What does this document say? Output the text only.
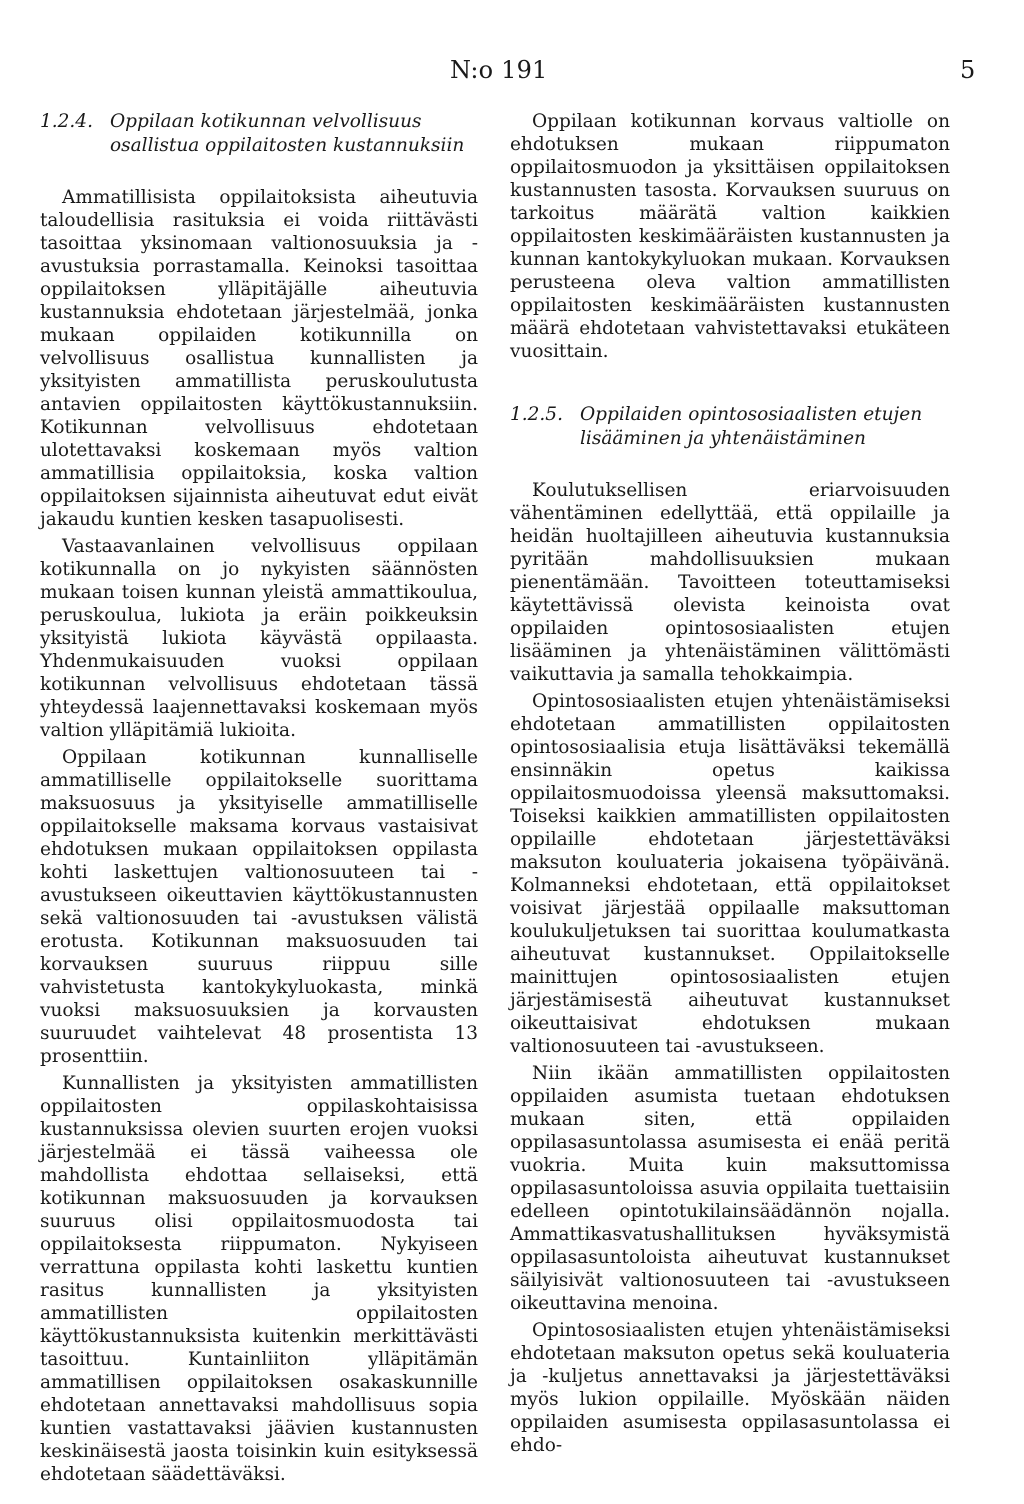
N:o 191	5
1.2.4. Oppilaan kotikunnan velvollisuus osallistua oppilaitosten kustannuksiin

Ammatillisista oppilaitoksista aiheutuvia taloudellisia rasituksia ei voida riittävästi tasoittaa yksinomaan valtionosuuksia ja -avustuksia porrastamalla. Keinoksi tasoittaa oppilaitoksen ylläpitäjälle aiheutuvia kustannuksia ehdotetaan järjestelmää, jonka mukaan oppilaiden kotikunnilla on velvollisuus osallistua kunnallisten ja yksityisten ammatillista peruskoulutusta antavien oppilaitosten käyttökustannuksiin. Kotikunnan velvollisuus ehdotetaan ulotettavaksi koskemaan myös valtion ammatillisia oppilaitoksia, koska valtion oppilaitoksen sijainnista aiheutuvat edut eivät jakaudu kuntien kesken tasapuolisesti.

Vastaavanlainen velvollisuus oppilaan kotikunnalla on jo nykyisten säännösten mukaan toisen kunnan yleistä ammattikoulua, peruskoulua, lukiota ja eräin poikkeuksin yksityistä lukiota käyvästä oppilaasta. Yhdenmukaisuuden vuoksi oppilaan kotikunnan velvollisuus ehdotetaan tässä yhteydessä laajennettavaksi koskemaan myös valtion ylläpitämiä lukioita.

Oppilaan kotikunnan kunnalliselle ammatilliselle oppilaitokselle suorittama maksuosuus ja yksityiselle ammatilliselle oppilaitokselle maksama korvaus vastaisivat ehdotuksen mukaan oppilaitoksen oppilasta kohti laskettujen valtionosuuteen tai -avustukseen oikeuttavien käyttökustannusten sekä valtionosuuden tai -avustuksen välistä erotusta. Kotikunnan maksuosuuden tai korvauksen suuruus riippuu sille vahvistetusta kantokykyluokasta, minkä vuoksi maksuosuuksien ja korvausten suuruudet vaihtelevat 48 prosentista 13 prosenttiin.

Kunnallisten ja yksityisten ammatillisten oppilaitosten oppilaskohtaisissa kustannuksissa olevien suurten erojen vuoksi järjestelmää ei tässä vaiheessa ole mahdollista ehdottaa sellaiseksi, että kotikunnan maksuosuuden ja korvauksen suuruus olisi oppilaitosmuodosta tai oppilaitoksesta riippumaton. Nykyiseen verrattuna oppilasta kohti laskettu kuntien rasitus kunnallisten ja yksityisten ammatillisten oppilaitosten käyttökustannuksista kuitenkin merkittävästi tasoittuu. Kuntainliiton ylläpitämän ammatillisen oppilaitoksen osakaskunnille ehdotetaan annettavaksi mahdollisuus sopia kuntien vastattavaksi jäävien kustannusten keskinäisestä jaosta toisinkin kuin esityksessä ehdotetaan säädettäväksi.

Oppilaan kotikunnan korvaus valtiolle on ehdotuksen mukaan riippumaton oppilaitosmuodon ja yksittäisen oppilaitoksen kustannusten tasosta. Korvauksen suuruus on tarkoitus määrätä valtion kaikkien oppilaitosten keskimääräisten kustannusten ja kunnan kantokykyluokan mukaan. Korvauksen perusteena oleva valtion ammatillisten oppilaitosten keskimääräisten kustannusten määrä ehdotetaan vahvistettavaksi etukäteen vuosittain.

1.2.5. Oppilaiden opintososiaalisten etujen lisääminen ja yhtenäistäminen

Koulutuksellisen eriarvoisuuden vähentäminen edellyttää, että oppilaille ja heidän huoltajilleen aiheutuvia kustannuksia pyritään mahdollisuuksien mukaan pienentämään. Tavoitteen toteuttamiseksi käytettävissä olevista keinoista ovat oppilaiden opintososiaalisten etujen lisääminen ja yhtenäistäminen välittömästi vaikuttavia ja samalla tehokkaimpia.

Opintososiaalisten etujen yhtenäistämiseksi ehdotetaan ammatillisten oppilaitosten opintososiaalisia etuja lisättäväksi tekemällä ensinnäkin opetus kaikissa oppilaitosmuodoissa yleensä maksuttomaksi. Toiseksi kaikkien ammatillisten oppilaitosten oppilaille ehdotetaan järjestettäväksi maksuton kouluateria jokaisena työpäivänä. Kolmanneksi ehdotetaan, että oppilaitokset voisivat järjestää oppilaalle maksuttoman koulukuljetuksen tai suorittaa koulumatkasta aiheutuvat kustannukset. Oppilaitokselle mainittujen opintososiaalisten etujen järjestämisestä aiheutuvat kustannukset oikeuttaisivat ehdotuksen mukaan valtionosuuteen tai -avustukseen.

Niin ikään ammatillisten oppilaitosten oppilaiden asumista tuetaan ehdotuksen mukaan siten, että oppilaiden oppilasasuntolassa asumisesta ei enää peritä vuokria. Muita kuin maksuttomissa oppilasasuntoloissa asuvia oppilaita tuettaisiin edelleen opintotukilainsäädännön nojalla. Ammattikasvatushallituksen hyväksymistä oppilasasuntoloista aiheutuvat kustannukset säilyisivät valtionosuuteen tai -avustukseen oikeuttavina menoina.

Opintososiaalisten etujen yhtenäistämiseksi ehdotetaan maksuton opetus sekä kouluateria ja -kuljetus annettavaksi ja järjestettäväksi myös lukion oppilaille. Myöskään näiden oppilaiden asumisesta oppilasasuntolassa ei ehdo-
